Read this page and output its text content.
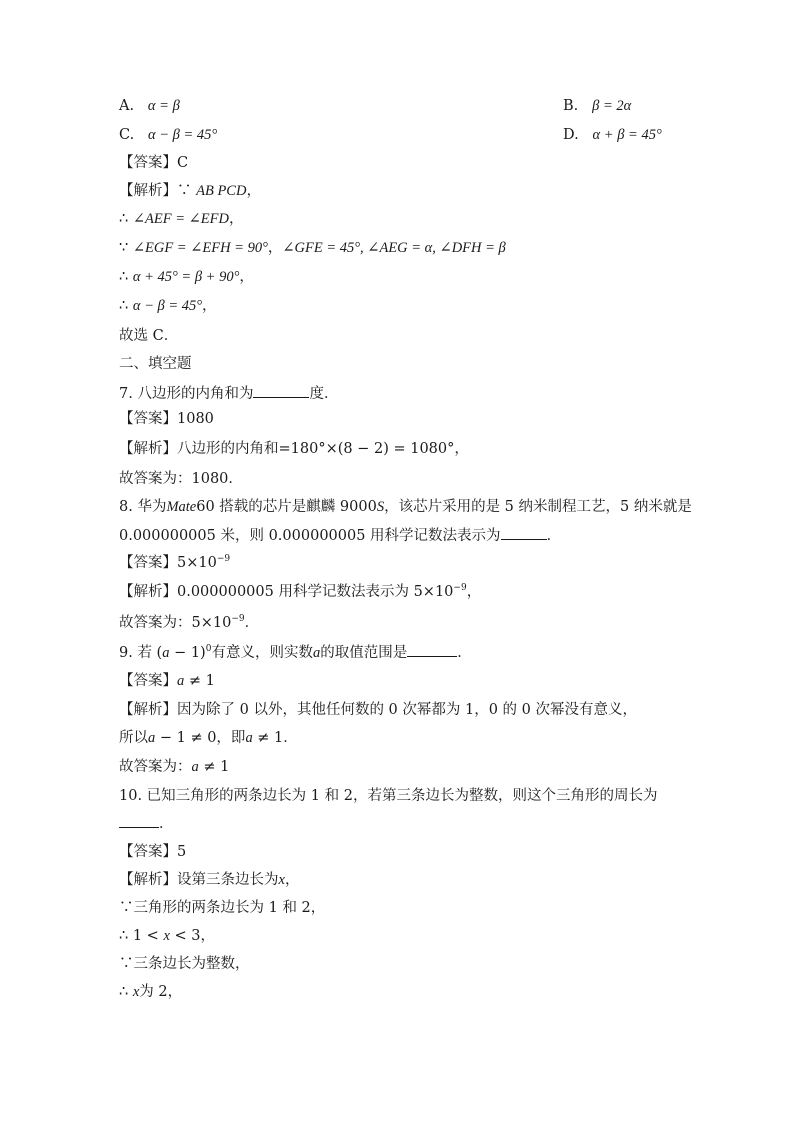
A. α = β	B. β = 2α
C. α − β = 45°	D. α + β = 45°
【答案】C
【解析】∵ AB PCD，
∴ ∠AEF = ∠EFD，
∵ ∠EGF = ∠EFH = 90°，∠GFE = 45°, ∠AEG = α, ∠DFH = β
∴ α + 45° = β + 90°，
∴ α − β = 45°，
故选 C．
二、填空题
7. 八边形的内角和为	度．
【答案】1080
【解析】八边形的内角和=180°×(8 − 2) = 1080°，
故答案为：1080．
8. 华为Mate60 搭载的芯片是麒麟 9000S，该芯片采用的是 5 纳米制程工艺，5 纳米就是
0.000000005 米，则 0.000000005 用科学记数法表示为	．
【答案】$5\times 10^{-9}$
【解析】0.000000005 用科学记数法表示为 $5\times 10^{-9}$，
故答案为：$5\times 10^{-9}$．
9. 若 $(a - 1)^0$有意义，则实数a的取值范围是	．
【答案】a ≠ 1
【解析】因为除了 0 以外，其他任何数的 0 次幂都为 1，0 的 0 次幂没有意义，
所以a − 1 ≠ 0，即a ≠ 1．
故答案为：a ≠ 1
10. 已知三角形的两条边长为 1 和 2，若第三条边长为整数，则这个三角形的周长为
．
【答案】5
【解析】设第三条边长为x，
∵三角形的两条边长为 1 和 2，
∴ 1 < x < 3，
∵三条边长为整数，
∴ x为 2，
